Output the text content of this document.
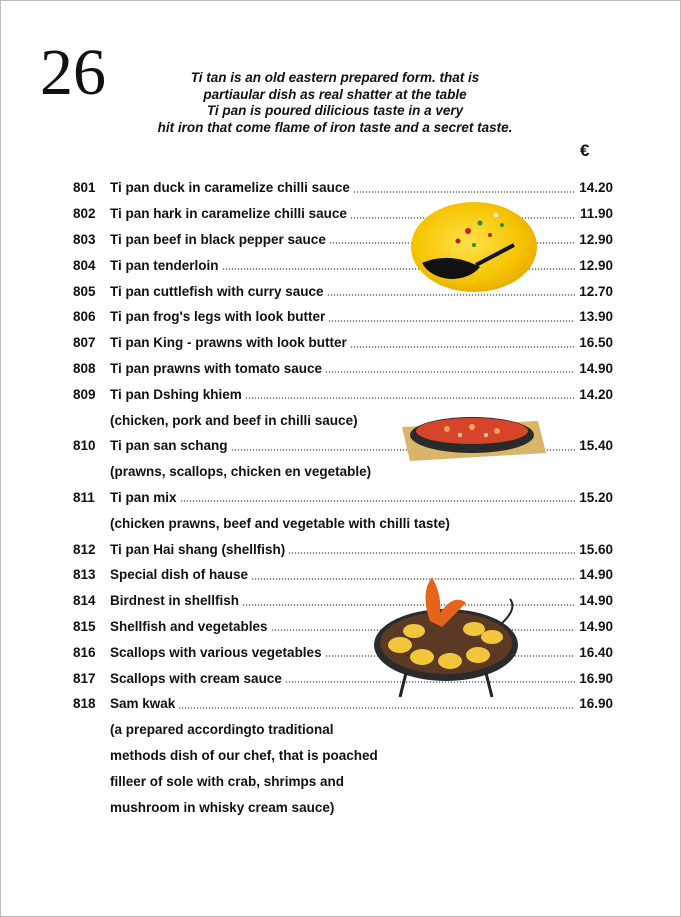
26	Ti tan is an old eastern prepared form. that is
partiaular dish as real shatter at the table
Ti pan is poured dilicious taste in a very
hit iron that come flame of iron taste and a secret taste.
€
801	Ti pan duck in caramelize chilli sauce	14.20
802	Ti pan hark in caramelize chilli sauce	11.90
803	Ti pan beef in black pepper sauce	12.90
804	Ti pan tenderloin	12.90
805	Ti pan cuttlefish with curry sauce	12.70
806	Ti pan frog's legs with look butter	13.90
807	Ti pan King - prawns with look butter	16.50
808	Ti pan prawns with tomato sauce	14.90
809	Ti pan Dshing khiem	14.20
(chicken, pork and beef in chilli sauce)
810	Ti pan san schang	15.40
(prawns, scallops, chicken en vegetable)
811	Ti pan mix	15.20
(chicken prawns, beef and vegetable with chilli taste)
812	Ti pan Hai shang (shellfish)	15.60
813	Special dish of hause	14.90
814	Birdnest in shellfish	14.90
815	Shellfish and vegetables	14.90
816	Scallops with various vegetables	16.40
817	Scallops with cream sauce	16.90
818	Sam kwak	16.90
(a prepared accordingto traditional
methods dish of our chef, that is poached
filleer of sole with crab, shrimps and
mushroom in whisky cream sauce)
